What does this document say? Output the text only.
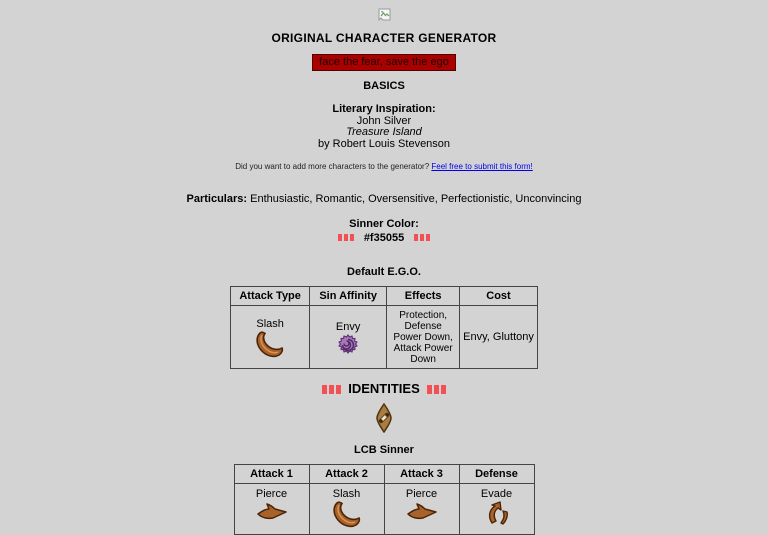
ORIGINAL CHARACTER GENERATOR
face the fear, save the ego
BASICS
Literary Inspiration:
John Silver
Treasure Island
by Robert Louis Stevenson
Did you want to add more characters to the generator? Feel free to submit this form!
Particulars: Enthusiastic, Romantic, Oversensitive, Perfectionistic, Unconvincing
Sinner Color:
#f35055
Default E.G.O.
Attack Type	Sin Affinity	Effects	Cost

Slash	Envy	Protection, Defense Power Down, Attack Power Down	Envy, Gluttony
IDENTITIES
LCB Sinner
Attack 1	Attack 2	Attack 3	Defense

Pierce	Slash	Pierce	Evade
